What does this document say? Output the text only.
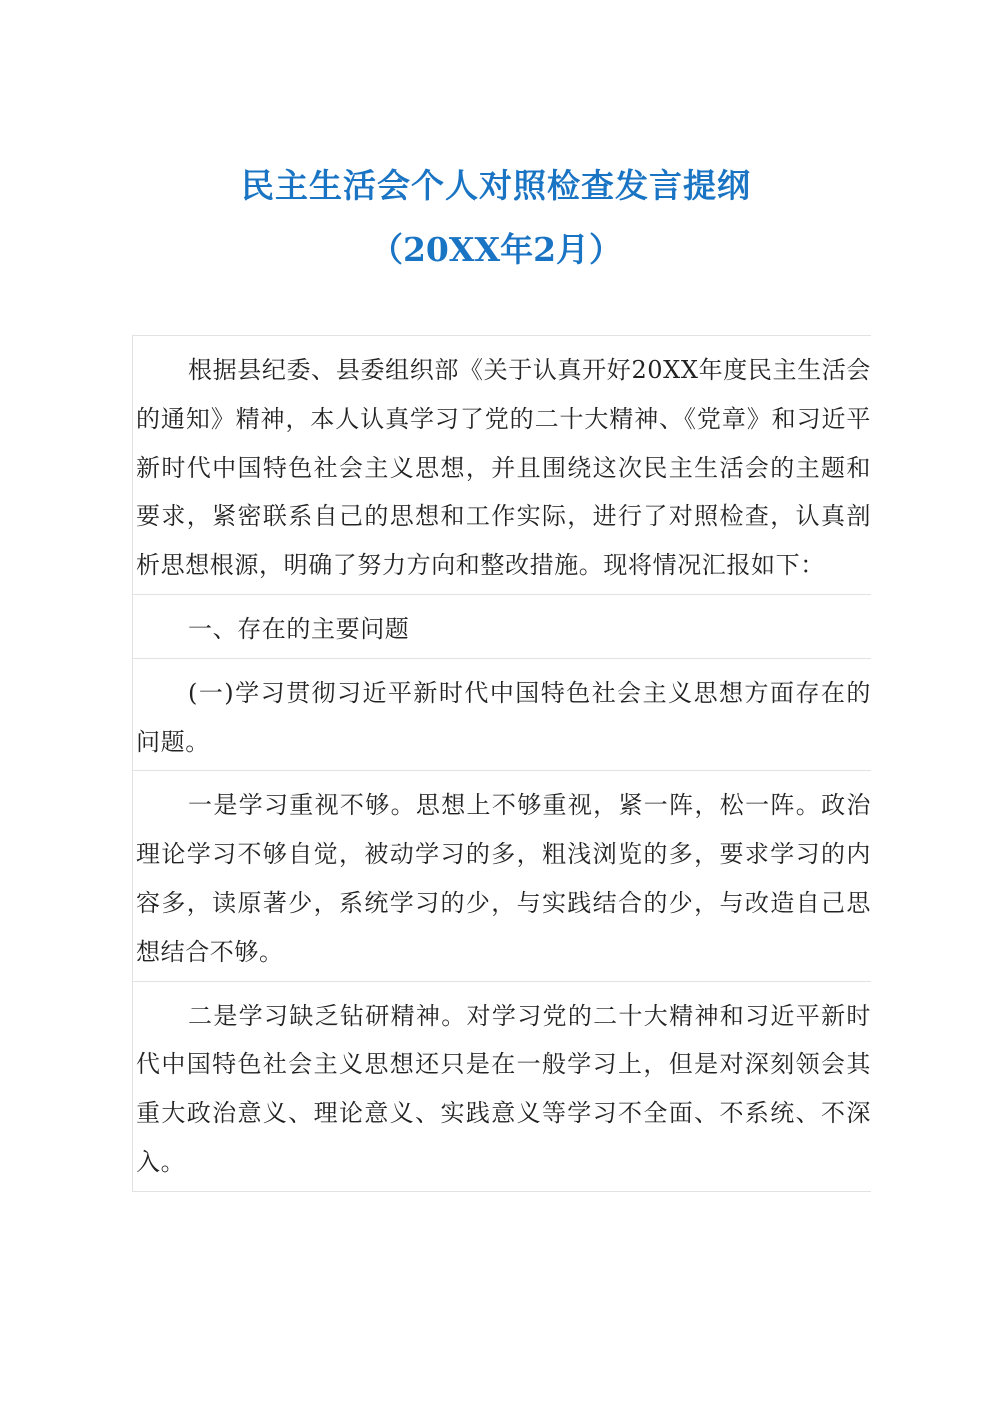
民主生活会个人对照检查发言提纲
（20XX年2月）

根据县纪委、县委组织部《关于认真开好20XX年度民主生活会的通知》精神，本人认真学习了党的二十大精神、《党章》和习近平新时代中国特色社会主义思想，并且围绕这次民主生活会的主题和要求，紧密联系自己的思想和工作实际，进行了对照检查，认真剖析思想根源，明确了努力方向和整改措施。现将情况汇报如下：

一、存在的主要问题

(一)学习贯彻习近平新时代中国特色社会主义思想方面存在的问题。

一是学习重视不够。思想上不够重视，紧一阵，松一阵。政治理论学习不够自觉，被动学习的多，粗浅浏览的多，要求学习的内容多，读原著少，系统学习的少，与实践结合的少，与改造自己思想结合不够。

二是学习缺乏钻研精神。对学习党的二十大精神和习近平新时代中国特色社会主义思想还只是在一般学习上，但是对深刻领会其重大政治意义、理论意义、实践意义等学习不全面、不系统、不深入。
